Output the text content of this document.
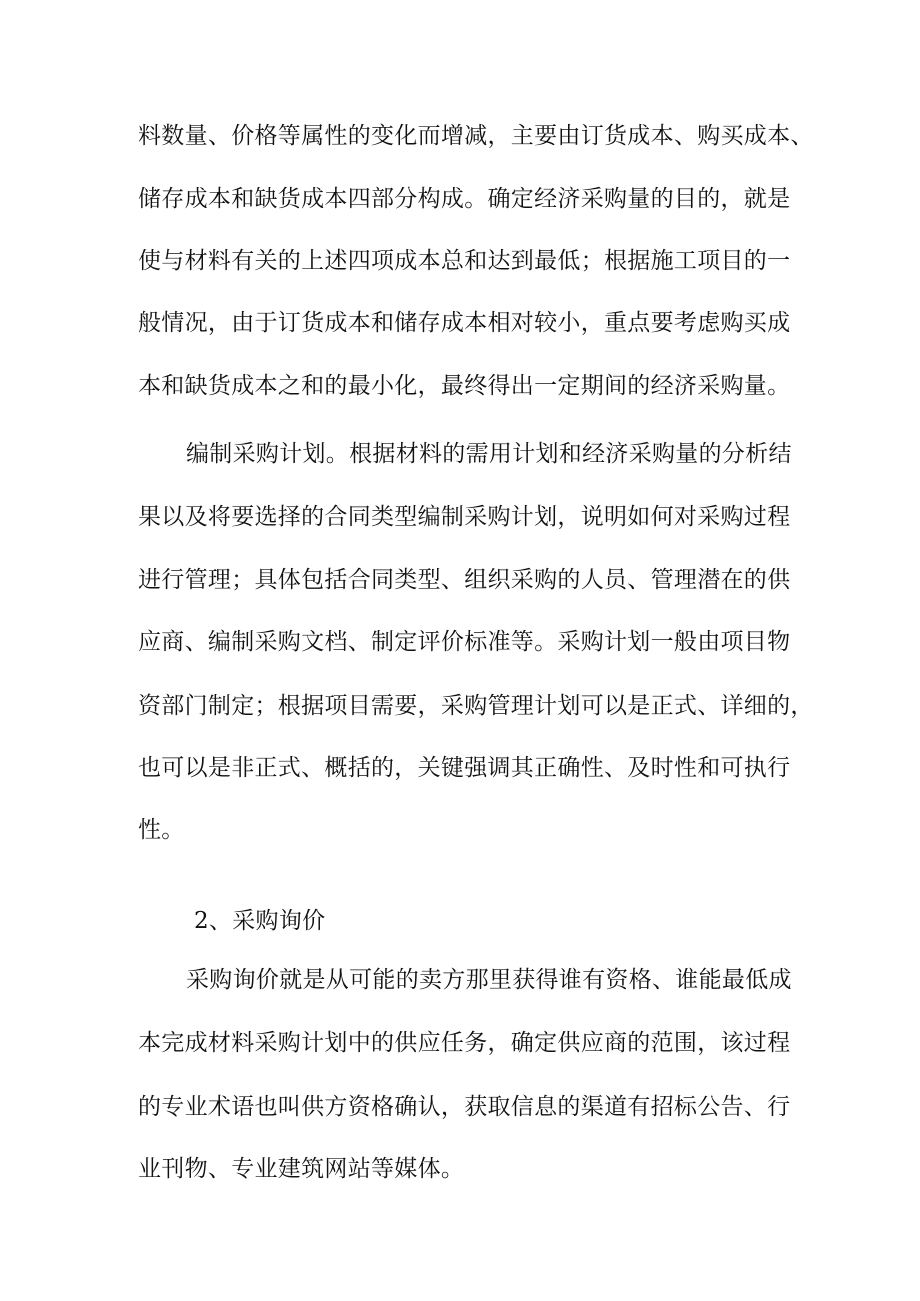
料数量、价格等属性的变化而增减，主要由订货成本、购买成本、
储存成本和缺货成本四部分构成。确定经济采购量的目的，就是
使与材料有关的上述四项成本总和达到最低；根据施工项目的一
般情况，由于订货成本和储存成本相对较小，重点要考虑购买成
本和缺货成本之和的最小化，最终得出一定期间的经济采购量。
编制采购计划。根据材料的需用计划和经济采购量的分析结
果以及将要选择的合同类型编制采购计划，说明如何对采购过程
进行管理；具体包括合同类型、组织采购的人员、管理潜在的供
应商、编制采购文档、制定评价标准等。采购计划一般由项目物
资部门制定；根据项目需要，采购管理计划可以是正式、详细的，
也可以是非正式、概括的，关键强调其正确性、及时性和可执行
性。
2、采购询价
采购询价就是从可能的卖方那里获得谁有资格、谁能最低成
本完成材料采购计划中的供应任务，确定供应商的范围，该过程
的专业术语也叫供方资格确认，获取信息的渠道有招标公告、行
业刊物、专业建筑网站等媒体。
